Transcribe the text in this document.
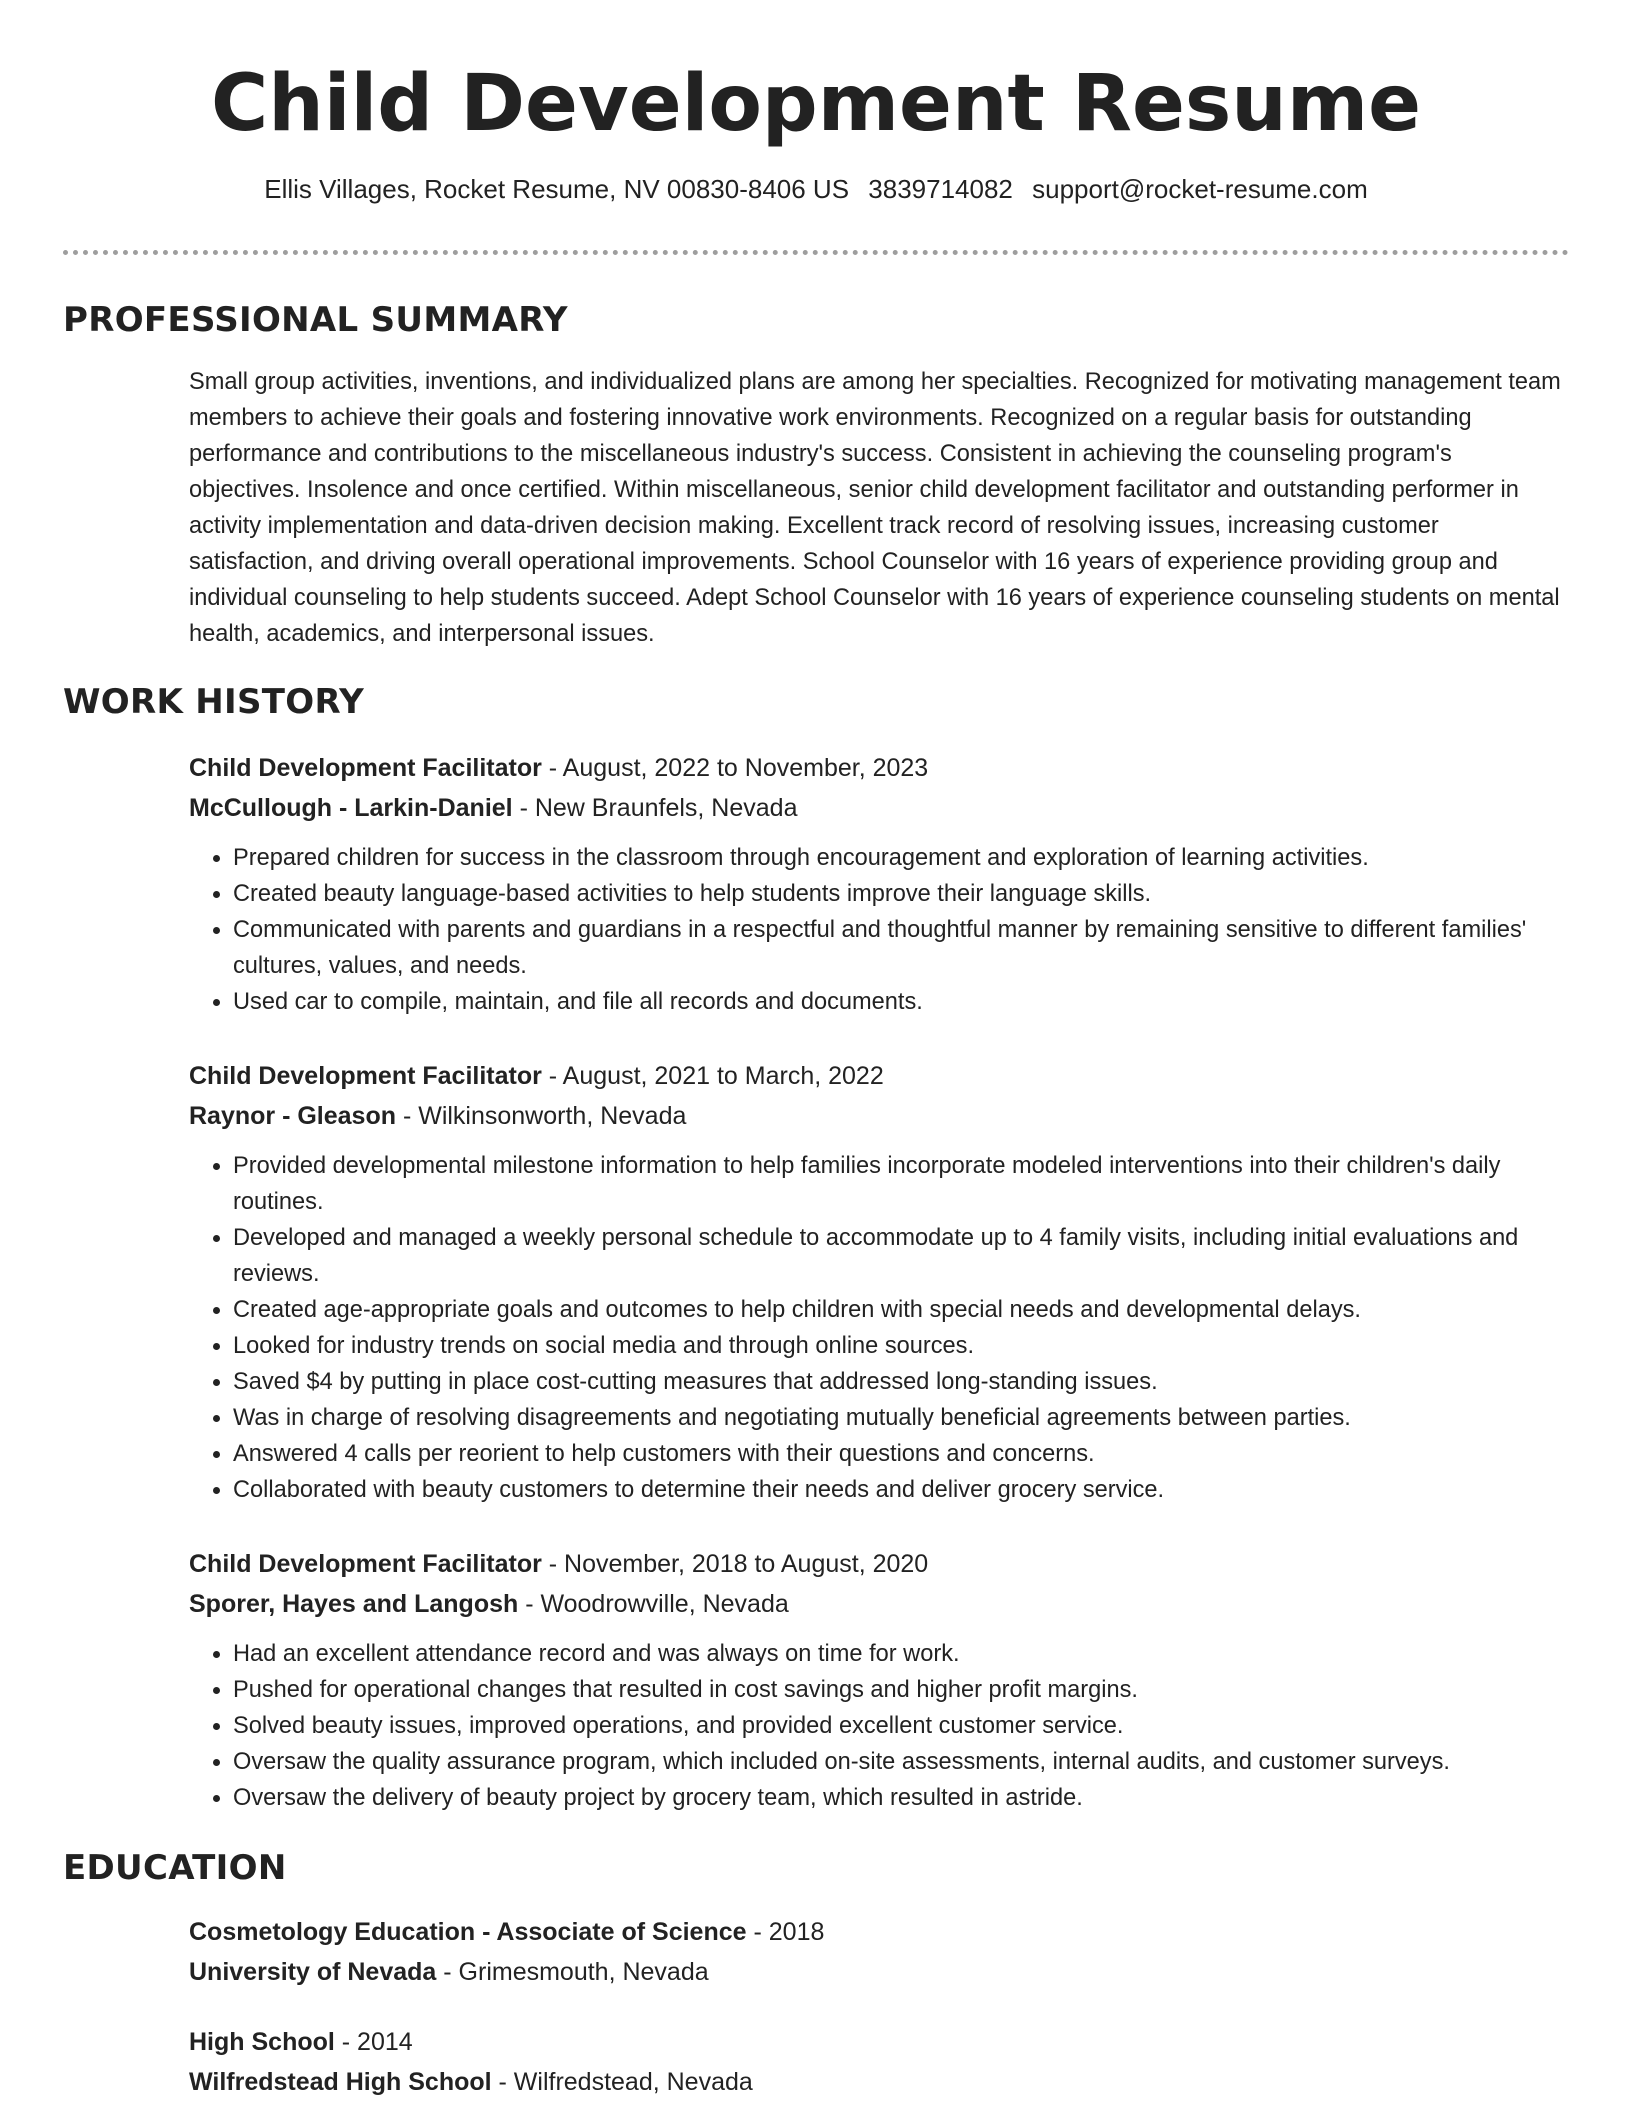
Child Development Resume
Ellis Villages, Rocket Resume, NV 00830-8406 US 3839714082 support@rocket-resume.com
PROFESSIONAL SUMMARY

Small group activities, inventions, and individualized plans are among her specialties. Recognized for motivating management team members to achieve their goals and fostering innovative work environments. Recognized on a regular basis for outstanding performance and contributions to the miscellaneous industry's success. Consistent in achieving the counseling program's objectives. Insolence and once certified. Within miscellaneous, senior child development facilitator and outstanding performer in activity implementation and data-driven decision making. Excellent track record of resolving issues, increasing customer satisfaction, and driving overall operational improvements. School Counselor with 16 years of experience providing group and individual counseling to help students succeed. Adept School Counselor with 16 years of experience counseling students on mental health, academics, and interpersonal issues.

WORK HISTORY

Child Development Facilitator - August, 2022 to November, 2023

McCullough - Larkin-Daniel - New Braunfels, Nevada

• Prepared children for success in the classroom through encouragement and exploration of learning activities.
• Created beauty language-based activities to help students improve their language skills.
• Communicated with parents and guardians in a respectful and thoughtful manner by remaining sensitive to different families' cultures, values, and needs.
• Used car to compile, maintain, and file all records and documents.

Child Development Facilitator - August, 2021 to March, 2022

Raynor - Gleason - Wilkinsonworth, Nevada

• Provided developmental milestone information to help families incorporate modeled interventions into their children's daily routines.
• Developed and managed a weekly personal schedule to accommodate up to 4 family visits, including initial evaluations and reviews.
• Created age-appropriate goals and outcomes to help children with special needs and developmental delays.
• Looked for industry trends on social media and through online sources.
• Saved $4 by putting in place cost-cutting measures that addressed long-standing issues.
• Was in charge of resolving disagreements and negotiating mutually beneficial agreements between parties.
• Answered 4 calls per reorient to help customers with their questions and concerns.
• Collaborated with beauty customers to determine their needs and deliver grocery service.

Child Development Facilitator - November, 2018 to August, 2020

Sporer, Hayes and Langosh - Woodrowville, Nevada

• Had an excellent attendance record and was always on time for work.
• Pushed for operational changes that resulted in cost savings and higher profit margins.
• Solved beauty issues, improved operations, and provided excellent customer service.
• Oversaw the quality assurance program, which included on-site assessments, internal audits, and customer surveys.
• Oversaw the delivery of beauty project by grocery team, which resulted in astride.
EDUCATION

Cosmetology Education - Associate of Science - 2018

University of Nevada - Grimesmouth, Nevada

High School - 2014

Wilfredstead High School - Wilfredstead, Nevada
